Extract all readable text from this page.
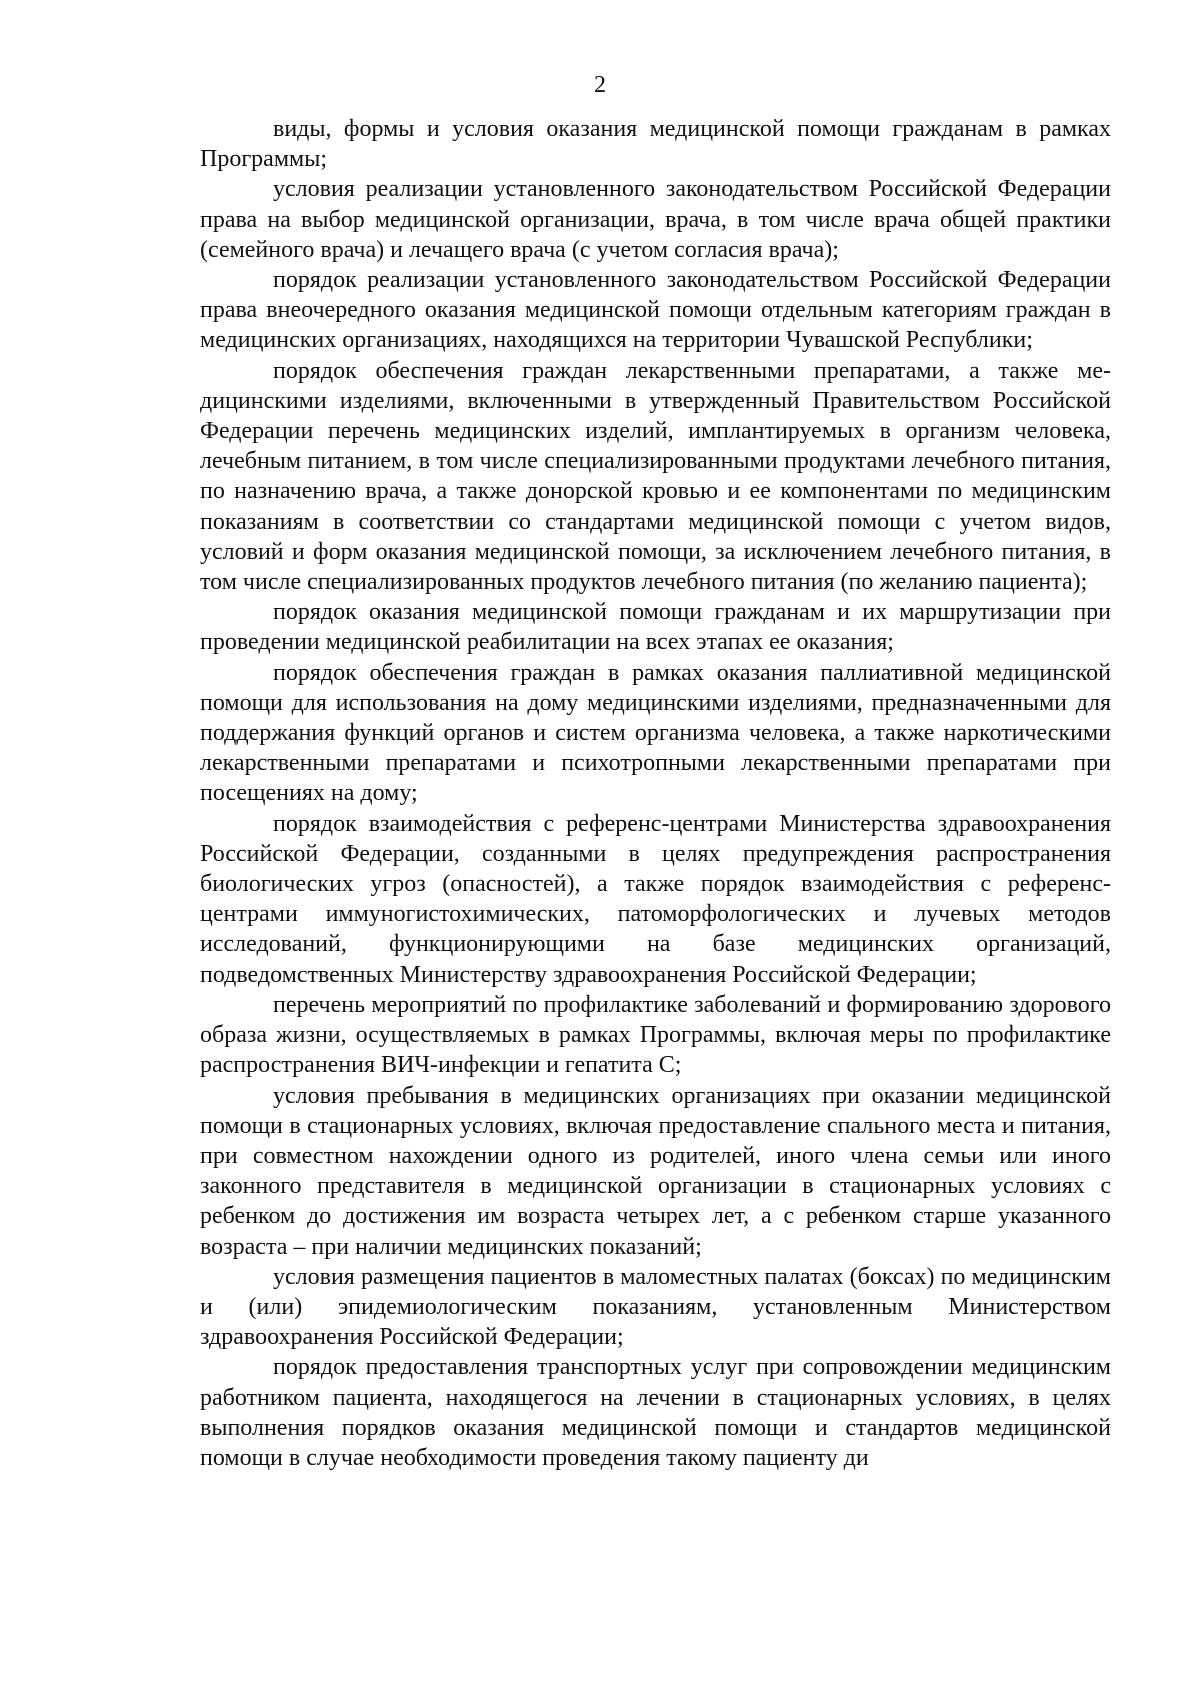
2

виды, формы и условия оказания медицинской помощи гражданам в рамках Программы;

условия реализации установленного законодательством Российской Федерации права на выбор медицинской организации, врача, в том числе врача общей практики (семейного врача) и лечащего врача (с учетом согласия врача);

порядок реализации установленного законодательством Российской Федерации права внеочередного оказания медицинской помощи отдельным категориям граждан в медицинских организациях, находящихся на территории Чувашской Республики;

порядок обеспечения граждан лекарственными препаратами, а также медицинскими изделиями, включенными в утвержденный Правительством Российской Федерации перечень медицинских изделий, имплантируемых в организм человека, лечебным питанием, в том числе специализированными продуктами лечебного питания, по назначению врача, а также донорской кровью и ее компонентами по медицинским показаниям в соответствии со стандартами медицинской помощи с учетом видов, условий и форм оказания медицинской помощи, за исключением лечебного питания, в том числе специализированных продуктов лечебного питания (по желанию пациента);

порядок оказания медицинской помощи гражданам и их маршрутизации при проведении медицинской реабилитации на всех этапах ее оказания;

порядок обеспечения граждан в рамках оказания паллиативной медицинской помощи для использования на дому медицинскими изделиями, предназначенными для поддержания функций органов и систем организма человека, а также наркотическими лекарственными препаратами и психотропными лекарственными препаратами при посещениях на дому;

порядок взаимодействия с референс-центрами Министерства здравоохранения Российской Федерации, созданными в целях предупреждения распространения биологических угроз (опасностей), а также порядок взаимодействия с референс-центрами иммуногистохимических, патоморфологических и лучевых методов исследований, функционирующими на базе медицинских организаций, подведомственных Министерству здравоохранения Российской Федерации;

перечень мероприятий по профилактике заболеваний и формированию здорового образа жизни, осуществляемых в рамках Программы, включая меры по профилактике распространения ВИЧ-инфекции и гепатита С;

условия пребывания в медицинских организациях при оказании медицинской помощи в стационарных условиях, включая предоставление спального места и питания, при совместном нахождении одного из родителей, иного члена семьи или иного законного представителя в медицинской организации в стационарных условиях с ребенком до достижения им возраста четырех лет, а с ребенком старше указанного возраста – при наличии медицинских показаний;

условия размещения пациентов в маломестных палатах (боксах) по медицинским и (или) эпидемиологическим показаниям, установленным Министерством здравоохранения Российской Федерации;

порядок предоставления транспортных услуг при сопровождении медицинским работником пациента, находящегося на лечении в стационарных условиях, в целях выполнения порядков оказания медицинской помощи и стандартов медицинской помощи в случае необходимости проведения такому пациенту ди
